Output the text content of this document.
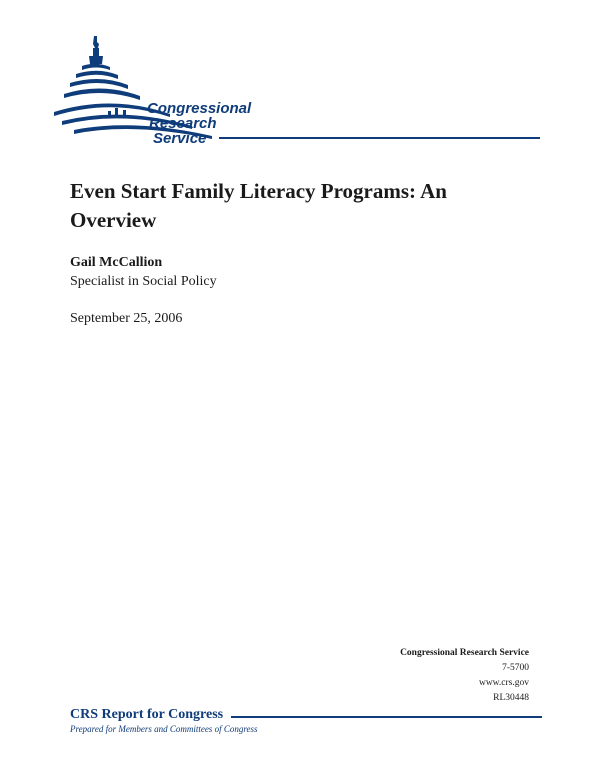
Congressional
Research
Service
Even Start Family Literacy Programs: An Overview
Gail McCallion
Specialist in Social Policy
September 25, 2006
Congressional Research Service
7-5700
www.crs.gov
RL30448
CRS Report for Congress
Prepared for Members and Committees of Congress
